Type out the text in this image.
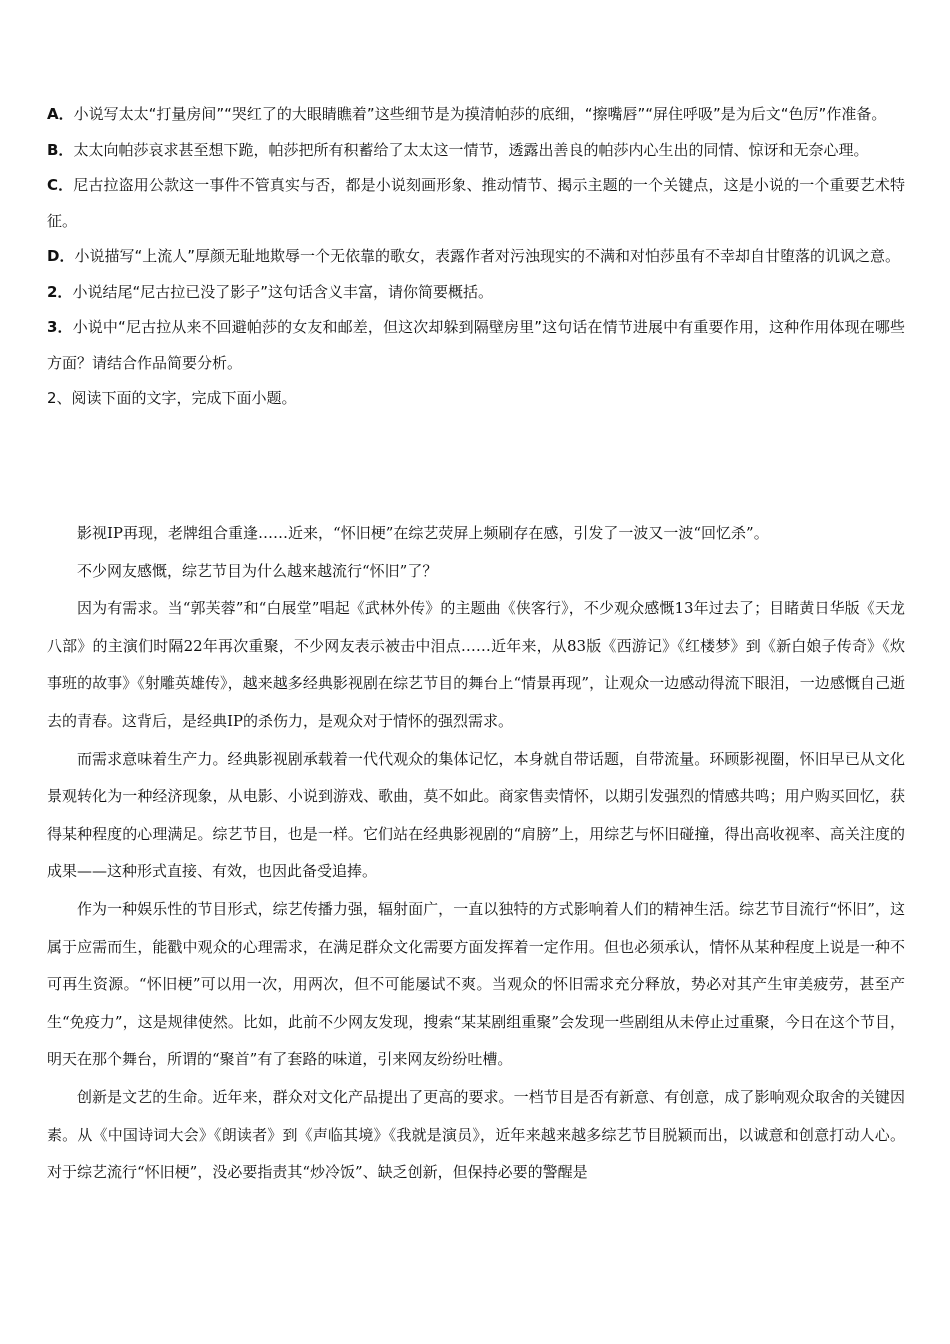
A．小说写太太“打量房间”“哭红了的大眼睛瞧着”这些细节是为摸清帕莎的底细，“擦嘴唇”“屏住呼吸”是为后文“色厉”作准备。

B．太太向帕莎哀求甚至想下跪，帕莎把所有积蓄给了太太这一情节，透露出善良的帕莎内心生出的同情、惊讶和无奈心理。

C．尼古拉盗用公款这一事件不管真实与否，都是小说刻画形象、推动情节、揭示主题的一个关键点，这是小说的一个重要艺术特征。

D．小说描写“上流人”厚颜无耻地欺辱一个无依靠的歌女，表露作者对污浊现实的不满和对怕莎虽有不幸却自甘堕落的讥讽之意。

2．小说结尾“尼古拉已没了影子”这句话含义丰富，请你简要概括。

3．小说中“尼古拉从来不回避帕莎的女友和邮差，但这次却躲到隔壁房里”这句话在情节进展中有重要作用，这种作用体现在哪些方面？请结合作品简要分析。

2、阅读下面的文字，完成下面小题。

影视IP再现，老牌组合重逢……近来，“怀旧梗”在综艺荧屏上频刷存在感，引发了一波又一波“回忆杀”。

不少网友感慨，综艺节目为什么越来越流行“怀旧”了？

因为有需求。当“郭芙蓉”和“白展堂”唱起《武林外传》的主题曲《侠客行》，不少观众感慨13年过去了；目睹黄日华版《天龙八部》的主演们时隔22年再次重聚，不少网友表示被击中泪点……近年来，从83版《西游记》《红楼梦》到《新白娘子传奇》《炊事班的故事》《射雕英雄传》，越来越多经典影视剧在综艺节目的舞台上“情景再现”，让观众一边感动得流下眼泪，一边感慨自己逝去的青春。这背后，是经典IP的杀伤力，是观众对于情怀的强烈需求。

而需求意味着生产力。经典影视剧承载着一代代观众的集体记忆，本身就自带话题，自带流量。环顾影视圈，怀旧早已从文化景观转化为一种经济现象，从电影、小说到游戏、歌曲，莫不如此。商家售卖情怀，以期引发强烈的情感共鸣；用户购买回忆，获得某种程度的心理满足。综艺节目，也是一样。它们站在经典影视剧的“肩膀”上，用综艺与怀旧碰撞，得出高收视率、高关注度的成果——这种形式直接、有效，也因此备受追捧。

作为一种娱乐性的节目形式，综艺传播力强，辐射面广，一直以独特的方式影响着人们的精神生活。综艺节目流行“怀旧”，这属于应需而生，能戳中观众的心理需求，在满足群众文化需要方面发挥着一定作用。但也必须承认，情怀从某种程度上说是一种不可再生资源。“怀旧梗”可以用一次，用两次，但不可能屡试不爽。当观众的怀旧需求充分释放，势必对其产生审美疲劳，甚至产生“免疫力”，这是规律使然。比如，此前不少网友发现，搜索“某某剧组重聚”会发现一些剧组从未停止过重聚，今日在这个节目，明天在那个舞台，所谓的“聚首”有了套路的味道，引来网友纷纷吐槽。

创新是文艺的生命。近年来，群众对文化产品提出了更高的要求。一档节目是否有新意、有创意，成了影响观众取舍的关键因素。从《中国诗词大会》《朗读者》到《声临其境》《我就是演员》，近年来越来越多综艺节目脱颖而出，以诚意和创意打动人心。对于综艺流行“怀旧梗”，没必要指责其“炒冷饭”、缺乏创新，但保持必要的警醒是
